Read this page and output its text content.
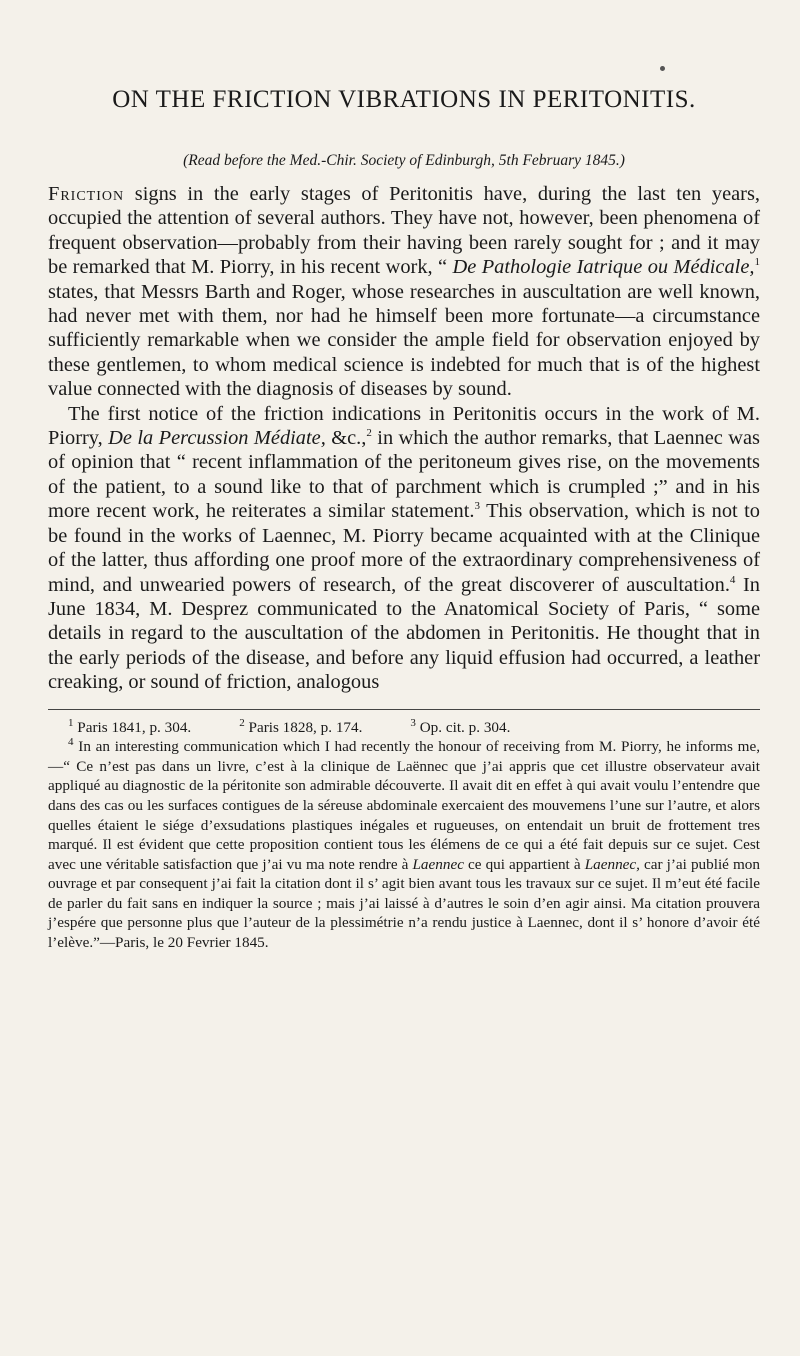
ON THE FRICTION VIBRATIONS IN PERITONITIS.
(Read before the Med.-Chir. Society of Edinburgh, 5th February 1845.)

Friction signs in the early stages of Peritonitis have, during the last ten years, occupied the attention of several authors. They have not, however, been phenomena of frequent observation—probably from their having been rarely sought for ; and it may be remarked that M. Piorry, in his recent work, “ De Pathologie Iatrique ou Médicale,$^1$ states, that Messrs Barth and Roger, whose researches in auscultation are well known, had never met with them, nor had he himself been more fortunate—a circumstance sufficiently remarkable when we consider the ample field for observation enjoyed by these gentlemen, to whom medical science is indebted for much that is of the highest value connected with the diagnosis of diseases by sound.

The first notice of the friction indications in Peritonitis occurs in the work of M. Piorry, De la Percussion Médiate, &c.,$^2$ in which the author remarks, that Laennec was of opinion that “ recent inflammation of the peritoneum gives rise, on the movements of the patient, to a sound like to that of parchment which is crumpled ;” and in his more recent work, he reiterates a similar statement.$^3$ This observation, which is not to be found in the works of Laennec, M. Piorry became acquainted with at the Clinique of the latter, thus affording one proof more of the extraordinary comprehensiveness of mind, and unwearied powers of research, of the great discoverer of auscultation.$^4$ In June 1834, M. Desprez communicated to the Anatomical Society of Paris, “ some details in regard to the auscultation of the abdomen in Peritonitis. He thought that in the early periods of the disease, and before any liquid effusion had occurred, a leather creaking, or sound of friction, analogous

$^1$ Paris 1841, p. 304.	$^2$ Paris 1828, p. 174.	$^3$ Op. cit. p. 304.

$^4$ In an interesting communication which I had recently the honour of receiving from M. Piorry, he informs me,—“ Ce n’est pas dans un livre, c’est à la clinique de Laënnec que j’ai appris que cet illustre observateur avait appliqué au diagnostic de la péritonite son admirable découverte. Il avait dit en effet à qui avait voulu l’entendre que dans des cas ou les surfaces contigues de la séreuse abdominale exercaient des mouvemens l’une sur l’autre, et alors quelles étaient le siége d’exsudations plastiques inégales et rugueuses, on entendait un bruit de frottement tres marqué. Il est évident que cette proposition contient tous les élémens de ce qui a été fait depuis sur ce sujet. Cest avec une véritable satisfaction que j’ai vu ma note rendre à Laennec ce qui appartient à Laennec, car j’ai publié mon ouvrage et par consequent j’ai fait la citation dont il s’ agit bien avant tous les travaux sur ce sujet. Il m’eut été facile de parler du fait sans en indiquer la source ; mais j’ai laissé à d’autres le soin d’en agir ainsi. Ma citation prouvera j’espére que personne plus que l’auteur de la plessimétrie n’a rendu justice à Laennec, dont il s’ honore d’avoir été l’elève.”—Paris, le 20 Fevrier 1845.
